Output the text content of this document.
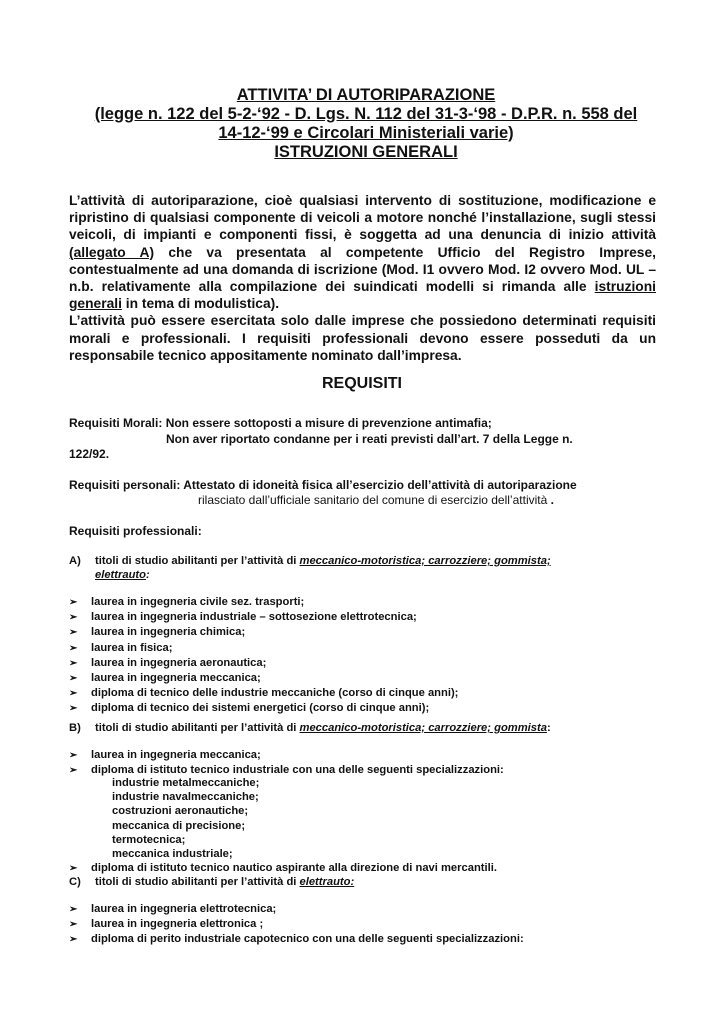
ATTIVITA’ DI AUTORIPARAZIONE

(legge n. 122 del 5-2-‘92 - D. Lgs. N. 112 del 31-3-‘98 - D.P.R. n. 558 del

14-12-‘99 e Circolari Ministeriali varie)

ISTRUZIONI GENERALI

L’attività di autoriparazione, cioè qualsiasi intervento di sostituzione, modificazione e ripristino di qualsiasi componente di veicoli a motore nonché l’installazione, sugli stessi veicoli, di impianti e componenti fissi, è soggetta ad una denuncia di inizio attività (allegato A) che va presentata al competente Ufficio del Registro Imprese, contestualmente ad una domanda di iscrizione (Mod. I1 ovvero Mod. I2 ovvero Mod. UL – n.b. relativamente alla compilazione dei suindicati modelli si rimanda alle istruzioni generali in tema di modulistica).

L’attività può essere esercitata solo dalle imprese che possiedono determinati requisiti morali e professionali. I requisiti professionali devono essere posseduti da un responsabile tecnico appositamente nominato dall’impresa.

REQUISITI
Requisiti Morali: Non essere sottoposti a misure di prevenzione antimafia;
Non aver riportato condanne per i reati previsti dall’art. 7 della Legge n.
122/92.
Requisiti personali: Attestato di idoneità fisica all’esercizio dell’attività di autoriparazione
rilasciato dall’ufficiale sanitario del comune di esercizio dell’attività .
Requisiti professionali:
A) titoli di studio abilitanti per l’attività di meccanico-motoristica; carrozziere; gommista;
elettrauto:
➢ laurea in ingegneria civile sez. trasporti;
➢ laurea in ingegneria industriale – sottosezione elettrotecnica;
➢ laurea in ingegneria chimica;
➢ laurea in fisica;
➢ laurea in ingegneria aeronautica;
➢ laurea in ingegneria meccanica;
➢ diploma di tecnico delle industrie meccaniche (corso di cinque anni);
➢ diploma di tecnico dei sistemi energetici (corso di cinque anni);
B) titoli di studio abilitanti per l’attività di meccanico-motoristica; carrozziere; gommista:
➢ laurea in ingegneria meccanica;
➢ diploma di istituto tecnico industriale con una delle seguenti specializzazioni:
industrie metalmeccaniche;
industrie navalmeccaniche;
costruzioni aeronautiche;
meccanica di precisione;
termotecnica;
meccanica industriale;
➢ diploma di istituto tecnico nautico aspirante alla direzione di navi mercantili.
C) titoli di studio abilitanti per l’attività di elettrauto:
➢ laurea in ingegneria elettrotecnica;
➢ laurea in ingegneria elettronica ;
➢ diploma di perito industriale capotecnico con una delle seguenti specializzazioni:
